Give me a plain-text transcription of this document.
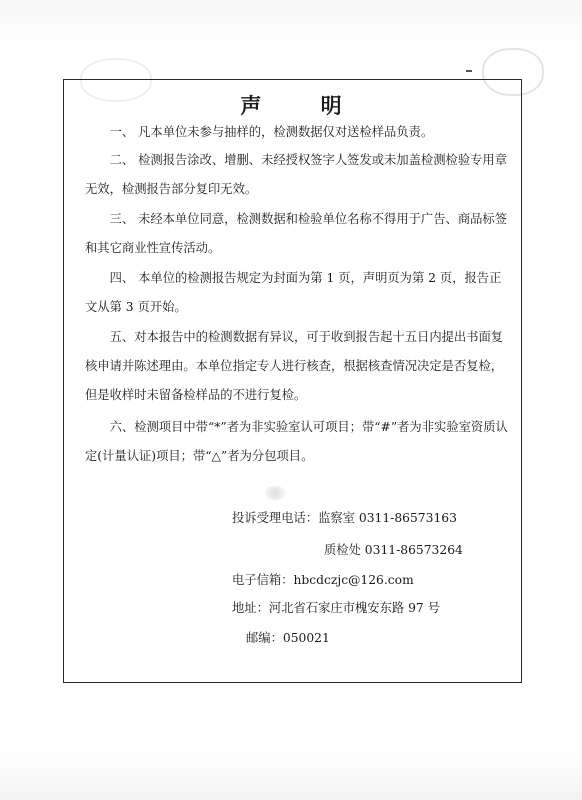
声 明

一、 凡本单位未参与抽样的，检测数据仅对送检样品负责。

二、 检测报告涂改、增删、未经授权签字人签发或未加盖检测检验专用章无效，检测报告部分复印无效。

三、 未经本单位同意，检测数据和检验单位名称不得用于广告、商品标签和其它商业性宣传活动。

四、 本单位的检测报告规定为封面为第 1 页，声明页为第 2 页，报告正文从第 3 页开始。

五、对本报告中的检测数据有异议，可于收到报告起十五日内提出书面复核申请并陈述理由。本单位指定专人进行核查，根据核查情况决定是否复检，但是收样时未留备检样品的不进行复检。

六、检测项目中带“*”者为非实验室认可项目；带“#”者为非实验室资质认定(计量认证)项目；带“△”者为分包项目。

投诉受理电话：监察室 0311-86573163
质检处 0311-86573264
电子信箱：hbcdczjc@126.com
地址：河北省石家庄市槐安东路 97 号
邮编：050021
